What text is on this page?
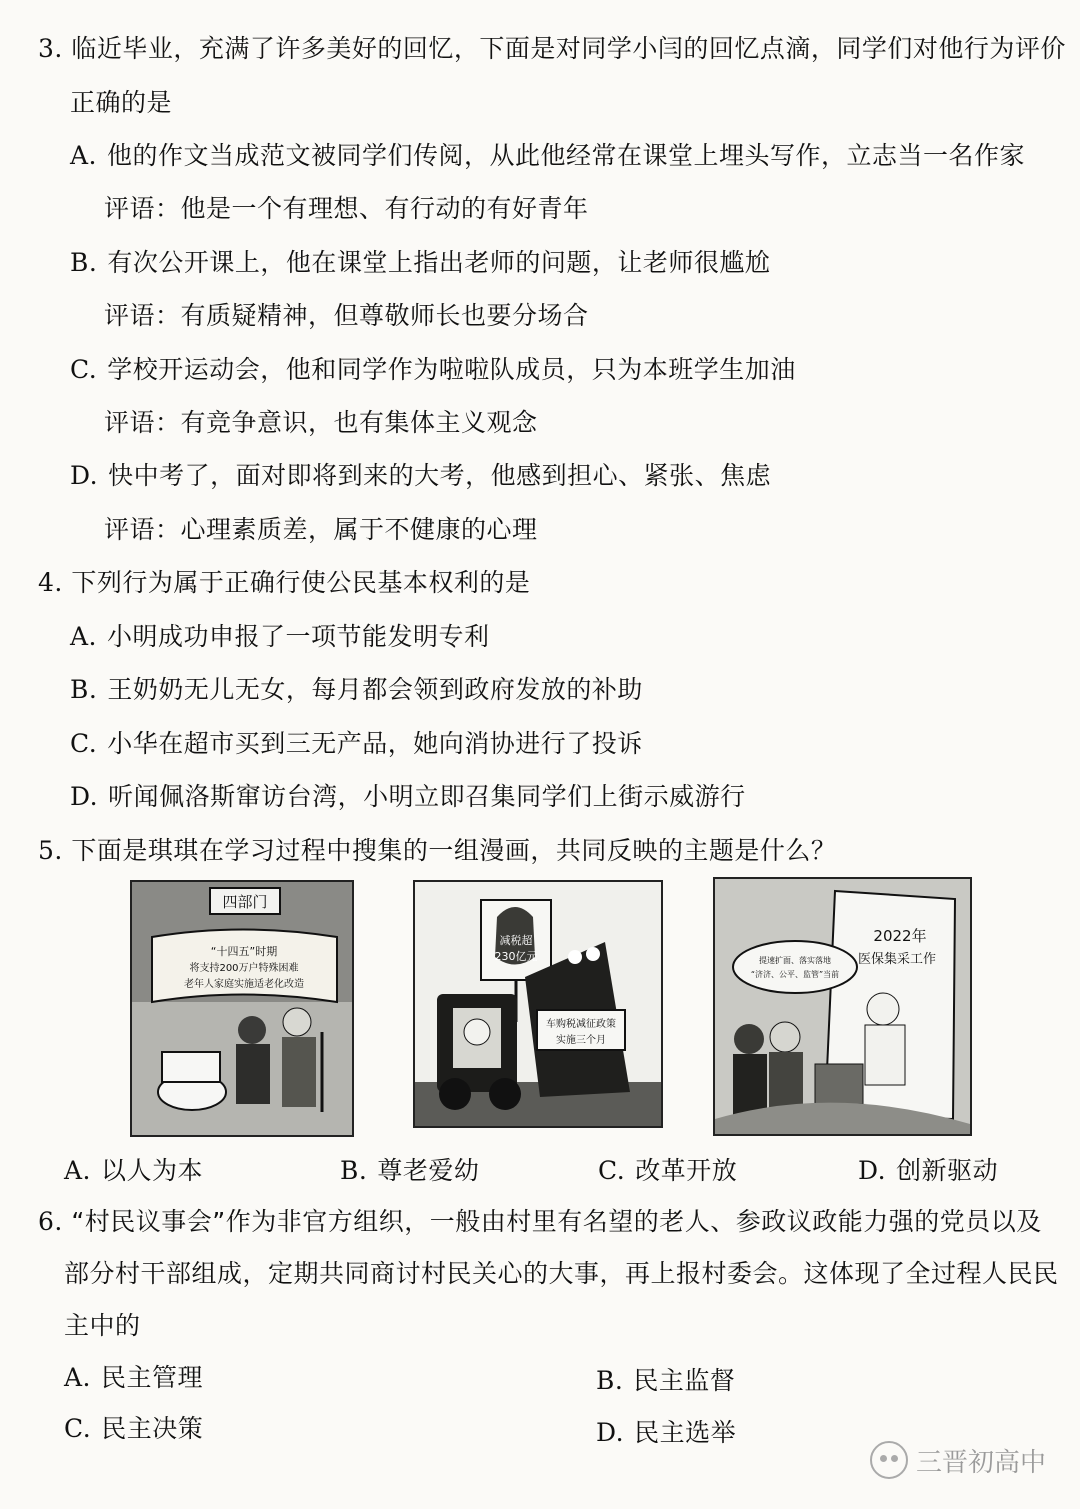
3. 临近毕业，充满了许多美好的回忆，下面是对同学小闫的回忆点滴，同学们对他行为评价
正确的是
A. 他的作文当成范文被同学们传阅，从此他经常在课堂上埋头写作，立志当一名作家
评语：他是一个有理想、有行动的有好青年
B. 有次公开课上，他在课堂上指出老师的问题，让老师很尴尬
评语：有质疑精神，但尊敬师长也要分场合
C. 学校开运动会，他和同学作为啦啦队成员，只为本班学生加油
评语：有竞争意识，也有集体主义观念
D. 快中考了，面对即将到来的大考，他感到担心、紧张、焦虑
评语：心理素质差，属于不健康的心理
4. 下列行为属于正确行使公民基本权利的是
A. 小明成功申报了一项节能发明专利
B. 王奶奶无儿无女，每月都会领到政府发放的补助
C. 小华在超市买到三无产品，她向消协进行了投诉
D. 听闻佩洛斯窜访台湾，小明立即召集同学们上街示威游行
5. 下面是琪琪在学习过程中搜集的一组漫画，共同反映的主题是什么？
四部门
“十四五”时期
将支持200万户特殊困难
老年人家庭实施适老化改造
减税超
230亿元
车购税减征政策
实施三个月
2022年
医保集采工作
提速扩面、落实落地
“济济、公平、监管”当前
A. 以人为本	B. 尊老爱幼	C. 改革开放	D. 创新驱动
6. “村民议事会”作为非官方组织，一般由村里有名望的老人、参政议政能力强的党员以及
部分村干部组成，定期共同商讨村民关心的大事，再上报村委会。这体现了全过程人民民
主中的
A. 民主管理	B. 民主监督
C. 民主决策	D. 民主选举
三晋初高中
